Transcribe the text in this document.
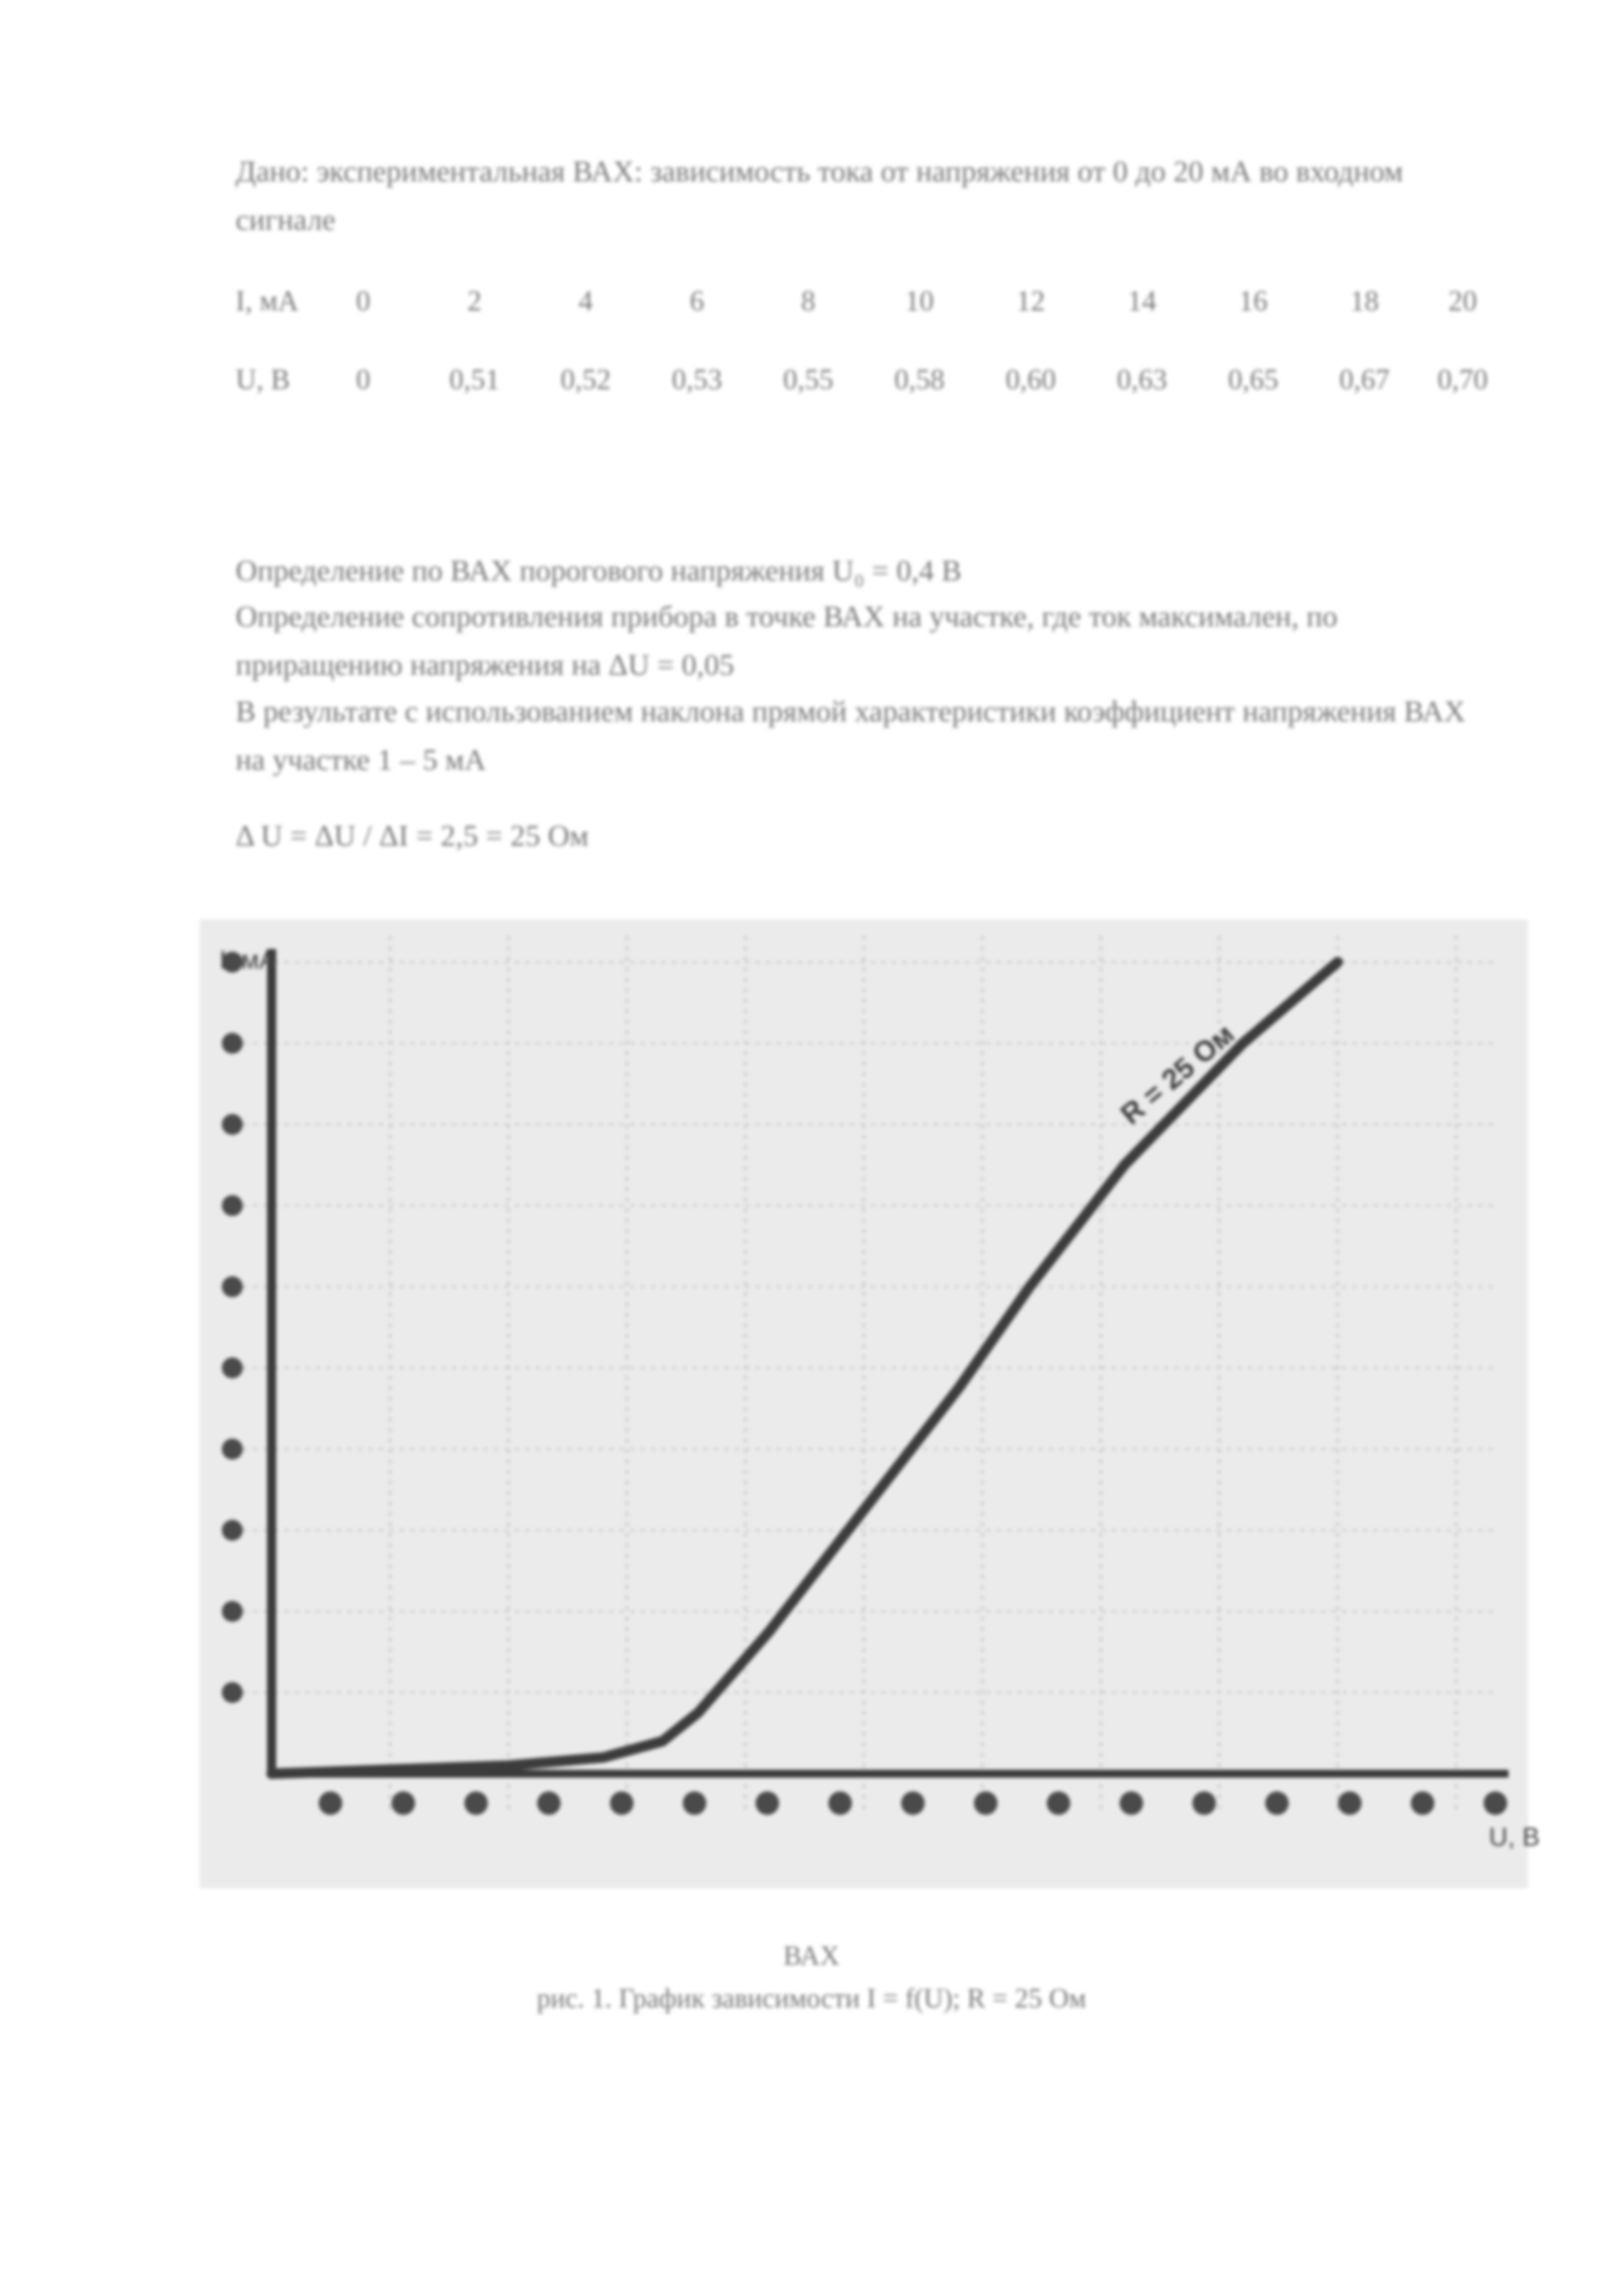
Дано: экспериментальная ВАХ: зависимость тока от напряжения от 0 до 20 мА во входном сигнале

I, мА	0	2	4	6	8	10	12	14	16	18	20
U, В	0	0,51	0,52	0,53	0,55	0,58	0,60	0,63	0,65	0,67	0,70

Определение по ВАХ порогового напряжения U₀ = 0,4 В

Определение сопротивления прибора в точке ВАХ на участке, где ток максимален, по приращению напряжения на ΔU = 0,05

В результате с использованием наклона прямой характеристики коэффициент напряжения ВАХ на участке 1 – 5 мА

Δ U = ΔU / ΔI = 2,5 = 25 Ом

I, мА
U, В
R = 25 Ом
ВАХ
рис. 1. График зависимости I = f(U); R = 25 Ом
